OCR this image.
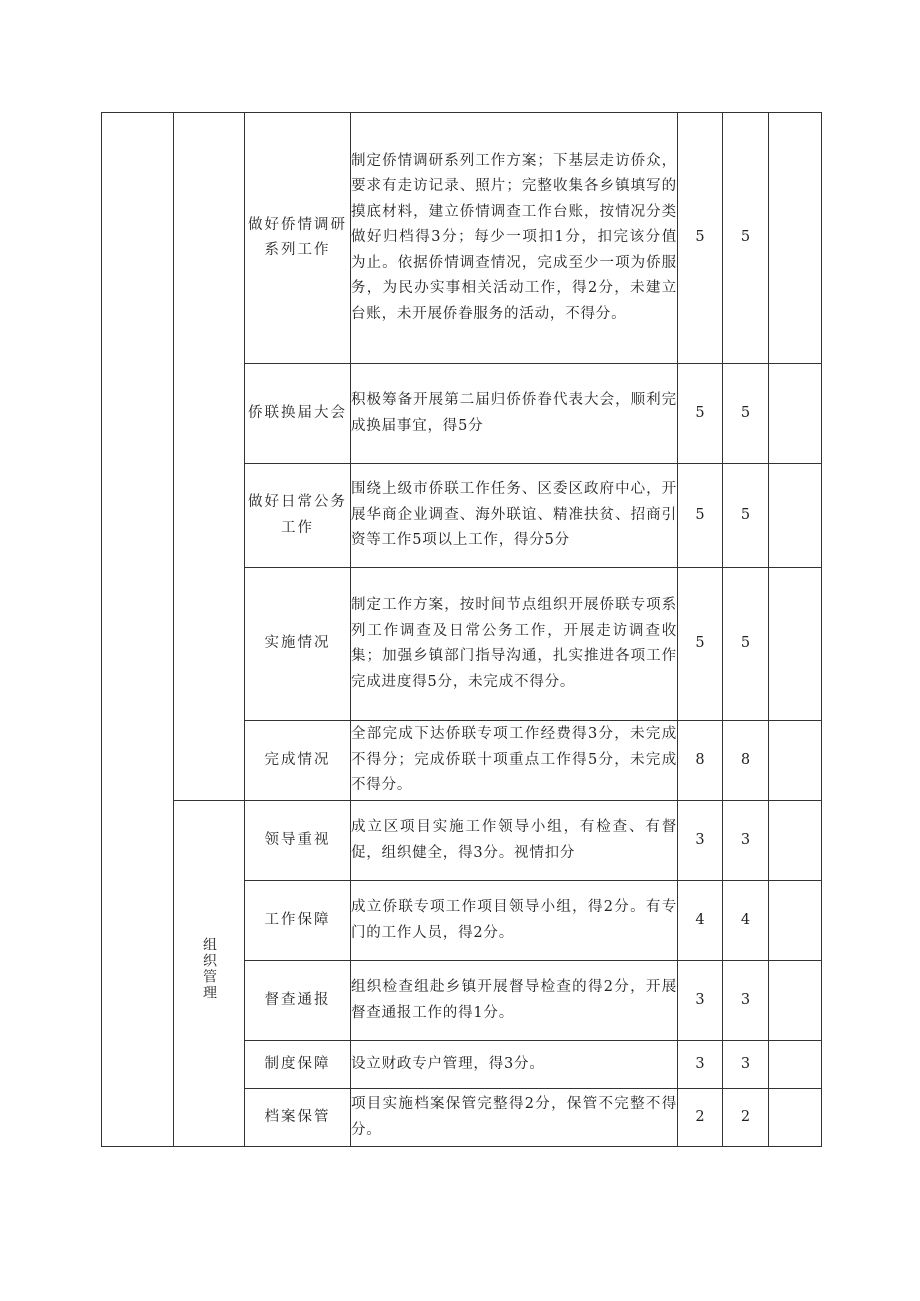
		做好侨情调研系列工作	制定侨情调研系列工作方案；下基层走访侨众，要求有走访记录、照片；完整收集各乡镇填写的摸底材料，建立侨情调查工作台账，按情况分类做好归档得3分；每少一项扣1分，扣完该分值为止。依据侨情调查情况，完成至少一项为侨服务，为民办实事相关活动工作，得2分，未建立台账，未开展侨眷服务的活动，不得分。	5	5	
		侨联换届大会	积极筹备开展第二届归侨侨眷代表大会，顺利完成换届事宜，得5分	5	5	
		做好日常公务工作	围绕上级市侨联工作任务、区委区政府中心，开展华商企业调查、海外联谊、精准扶贫、招商引资等工作5项以上工作，得分5分	5	5	
		实施情况	制定工作方案，按时间节点组织开展侨联专项系列工作调查及日常公务工作，开展走访调查收集；加强乡镇部门指导沟通，扎实推进各项工作完成进度得5分，未完成不得分。	5	5	
		完成情况	全部完成下达侨联专项工作经费得3分，未完成不得分；完成侨联十项重点工作得5分，未完成不得分。	8	8	
	组织管理	领导重视	成立区项目实施工作领导小组，有检查、有督促，组织健全，得3分。视情扣分	3	3	
		工作保障	成立侨联专项工作项目领导小组，得2分。有专门的工作人员，得2分。	4	4	
		督查通报	组织检查组赴乡镇开展督导检查的得2分，开展督查通报工作的得1分。	3	3	
		制度保障	设立财政专户管理，得3分。	3	3	
		档案保管	项目实施档案保管完整得2分，保管不完整不得分。	2	2	
